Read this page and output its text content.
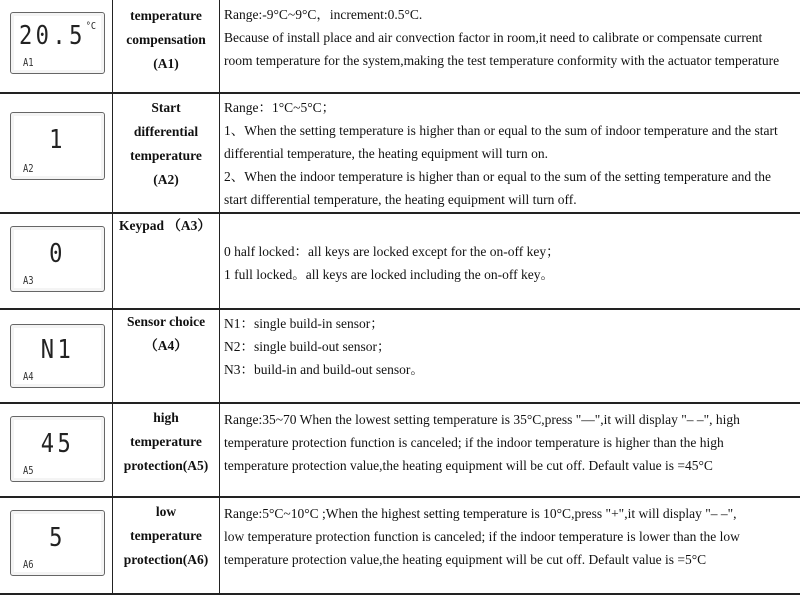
$20.5^{^\circ C}$
A1
temperature
compensation
(A1)

Range:-9°C~9°C，increment:0.5°C.

Because of install place and air convection factor in room,it need to calibrate or compensate current

room temperature for the system,making the test temperature conformity with the actuator temperature

1
A2
Start
differential
temperature
(A2)

Range：1°C~5°C；

1、When the setting temperature is higher than or equal to the sum of indoor temperature and the start

differential temperature, the heating equipment will turn on.

2、When the indoor temperature is higher than or equal to the sum of the setting temperature and the

start differential temperature, the heating equipment will turn off.

0
A3
Keypad （A3）

0 half locked：all keys are locked except for the on-off key；

1 full locked。all keys are locked including the on-off key。

N1
A4
Sensor choice
（A4）

N1：single build-in sensor；

N2：single build-out sensor；

N3：build-in and build-out sensor。

45
A5
high
temperature
protection(A5)

Range:35~70 When the lowest setting temperature is 35°C,press "—",it will display "– –", high

temperature protection function is canceled; if the indoor temperature is higher than the high

temperature protection value,the heating equipment will be cut off. Default value is =45°C

5
A6
low
temperature
protection(A6)

Range:5°C~10°C ;When the highest setting temperature is 10°C,press "+",it will display "– –",

low temperature protection function is canceled; if the indoor temperature is lower than the low

temperature protection value,the heating equipment will be cut off. Default value is =5°C
